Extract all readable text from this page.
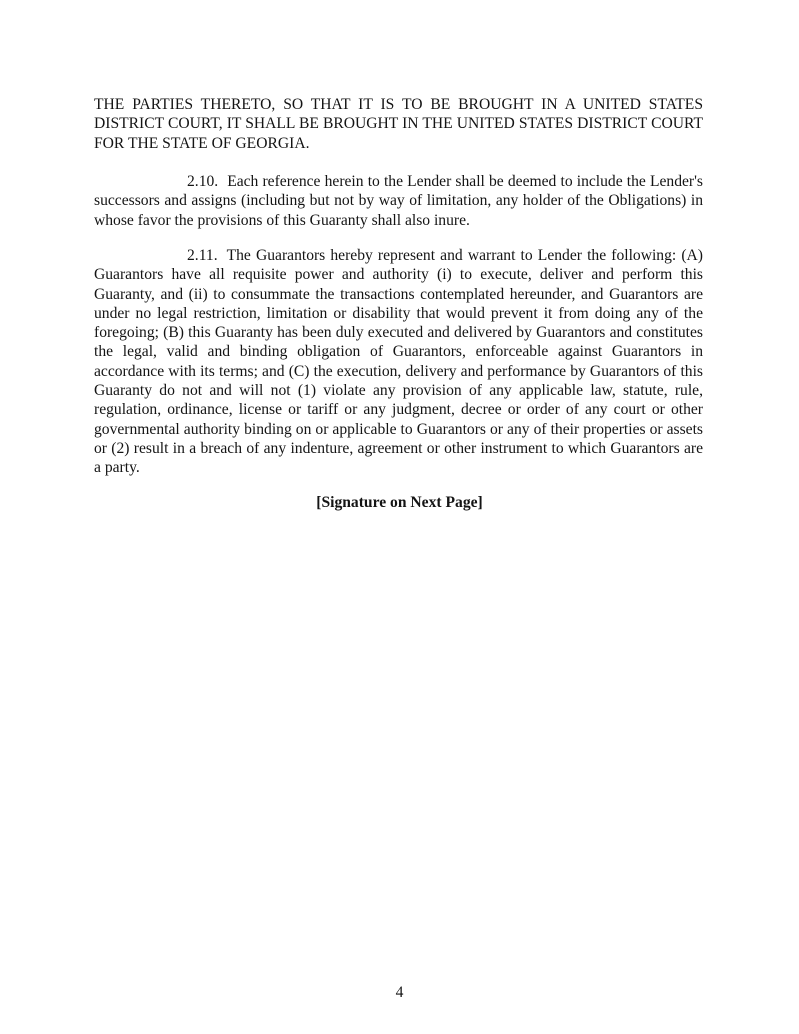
THE PARTIES THERETO, SO THAT IT IS TO BE BROUGHT IN A UNITED STATES DISTRICT COURT, IT SHALL BE BROUGHT IN THE UNITED STATES DISTRICT COURT FOR THE STATE OF GEORGIA.

2.10. Each reference herein to the Lender shall be deemed to include the Lender's successors and assigns (including but not by way of limitation, any holder of the Obligations) in whose favor the provisions of this Guaranty shall also inure.

2.11. The Guarantors hereby represent and warrant to Lender the following: (A) Guarantors have all requisite power and authority (i) to execute, deliver and perform this Guaranty, and (ii) to consummate the transactions contemplated hereunder, and Guarantors are under no legal restriction, limitation or disability that would prevent it from doing any of the foregoing; (B) this Guaranty has been duly executed and delivered by Guarantors and constitutes the legal, valid and binding obligation of Guarantors, enforceable against Guarantors in accordance with its terms; and (C) the execution, delivery and performance by Guarantors of this Guaranty do not and will not (1) violate any provision of any applicable law, statute, rule, regulation, ordinance, license or tariff or any judgment, decree or order of any court or other governmental authority binding on or applicable to Guarantors or any of their properties or assets or (2) result in a breach of any indenture, agreement or other instrument to which Guarantors are a party.

[Signature on Next Page]

4
